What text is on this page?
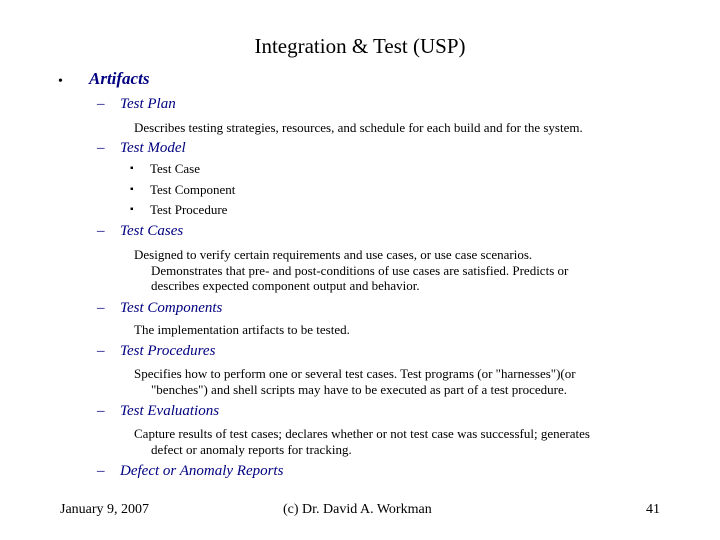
Integration & Test (USP)
• Artifacts
– Test Plan
Describes testing strategies, resources, and schedule for each build and for the system.
– Test Model
▪ Test Case
▪ Test Component
▪ Test Procedure
– Test Cases
Designed to verify certain requirements and use cases, or use case scenarios.
Demonstrates that pre- and post-conditions of use cases are satisfied. Predicts or
describes expected component output and behavior.
– Test Components
The implementation artifacts to be tested.
– Test Procedures
Specifies how to perform one or several test cases. Test programs (or "harnesses")(or
"benches") and shell scripts may have to be executed as part of a test procedure.
– Test Evaluations
Capture results of test cases; declares whether or not test case was successful; generates
defect or anomaly reports for tracking.
– Defect or Anomaly Reports
January 9, 2007	(c) Dr. David A. Workman	41
